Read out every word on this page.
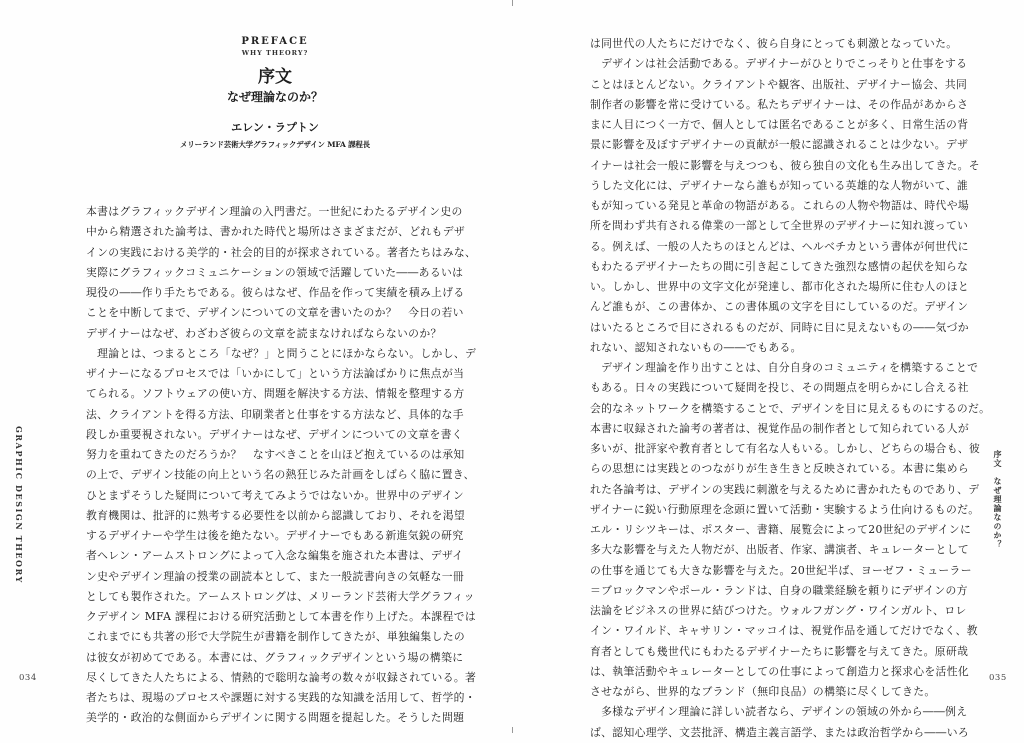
PREFACE

WHY THEORY?

序文

なぜ理論なのか？

エレン・ラプトン

メリーランド芸術大学グラフィックデザイン MFA 課程長

本書はグラフィックデザイン理論の入門書だ。一世紀にわたるデザイン史の

中から精選された論考は、書かれた時代と場所はさまざまだが、どれもデザ

インの実践における美学的・社会的目的が探求されている。著者たちはみな、

実際にグラフィックコミュニケーションの領域で活躍していた――あるいは

現役の――作り手たちである。彼らはなぜ、作品を作って実績を積み上げる

ことを中断してまで、デザインについての文章を書いたのか？　今日の若い

デザイナーはなぜ、わざわざ彼らの文章を読まなければならないのか？

　理論とは、つまるところ「なぜ？」と問うことにほかならない。しかし、デ

ザイナーになるプロセスでは「いかにして」という方法論ばかりに焦点が当

てられる。ソフトウェアの使い方、問題を解決する方法、情報を整理する方

法、クライアントを得る方法、印刷業者と仕事をする方法など、具体的な手

段しか重要視されない。デザイナーはなぜ、デザインについての文章を書く

努力を重ねてきたのだろうか？　なすべきことを山ほど抱えているのは承知

の上で、デザイン技能の向上という名の熱狂じみた計画をしばらく脇に置き、

ひとまずそうした疑問について考えてみようではないか。世界中のデザイン

教育機関は、批評的に熟考する必要性を以前から認識しており、それを渇望

するデザイナーや学生は後を絶たない。デザイナーでもある新進気鋭の研究

者ヘレン・アームストロングによって入念な編集を施された本書は、デザイ

ン史やデザイン理論の授業の副読本として、また一般読書向きの気軽な一冊

としても製作された。アームストロングは、メリーランド芸術大学グラフィッ

クデザイン MFA 課程における研究活動として本書を作り上げた。本課程では

これまでにも共著の形で大学院生が書籍を制作してきたが、単独編集したの

は彼女が初めてである。本書には、グラフィックデザインという場の構築に

尽くしてきた人たちによる、情熱的で聡明な論考の数々が収録されている。著

者たちは、現場のプロセスや課題に対する実践的な知識を活用して、哲学的・

美学的・政治的な側面からデザインに関する問題を提起した。そうした問題

は同世代の人たちにだけでなく、彼ら自身にとっても刺激となっていた。

　デザインは社会活動である。デザイナーがひとりでこっそりと仕事をする

ことはほとんどない。クライアントや観客、出版社、デザイナー協会、共同

制作者の影響を常に受けている。私たちデザイナーは、その作品があからさ

まに人目につく一方で、個人としては匿名であることが多く、日常生活の背

景に影響を及ぼすデザイナーの貢献が一般に認識されることは少ない。デザ

イナーは社会一般に影響を与えつつも、彼ら独自の文化も生み出してきた。そ

うした文化には、デザイナーなら誰もが知っている英雄的な人物がいて、誰

もが知っている発見と革命の物語がある。これらの人物や物語は、時代や場

所を問わず共有される偉業の一部として全世界のデザイナーに知れ渡ってい

る。例えば、一般の人たちのほとんどは、ヘルベチカという書体が何世代に

もわたるデザイナーたちの間に引き起こしてきた強烈な感情の起伏を知らな

い。しかし、世界中の文字文化が発達し、都市化された場所に住む人のほと

んど誰もが、この書体か、この書体風の文字を目にしているのだ。デザイン

はいたるところで目にされるものだが、同時に目に見えないもの――気づか

れない、認知されないもの――でもある。

　デザイン理論を作り出すことは、自分自身のコミュニティを構築することで

もある。日々の実践について疑問を投じ、その問題点を明らかにし合える社

会的なネットワークを構築することで、デザインを目に見えるものにするのだ。

本書に収録された論考の著者は、視覚作品の制作者として知られている人が

多いが、批評家や教育者として有名な人もいる。しかし、どちらの場合も、彼

らの思想には実践とのつながりが生き生きと反映されている。本書に集めら

れた各論考は、デザインの実践に刺激を与えるために書かれたものであり、デ

ザイナーに鋭い行動原理を念頭に置いて活動・実験するよう仕向けるものだ。

エル・リシツキーは、ポスター、書籍、展覧会によって20世紀のデザインに

多大な影響を与えた人物だが、出版者、作家、講演者、キュレーターとして

の仕事を通じても大きな影響を与えた。20世紀半ば、ヨーゼフ・ミューラー

＝ブロックマンやポール・ランドは、自身の職業経験を頼りにデザインの方

法論をビジネスの世界に結びつけた。ウォルフガング・ワインガルト、ロレ

イン・ワイルド、キャサリン・マッコイは、視覚作品を通してだけでなく、教

育者としても幾世代にもわたるデザイナーたちに影響を与えてきた。原研哉

は、執筆活動やキュレーターとしての仕事によって創造力と探求心を活性化

させながら、世界的なブランド（無印良品）の構築に尽くしてきた。

　多様なデザイン理論に詳しい読者なら、デザインの領域の外から――例え

ば、認知心理学、文芸批評、構造主義言語学、または政治哲学から――いろ

GRAPHIC DESIGN THEORY	序文　なぜ理論なのか？
034	035
